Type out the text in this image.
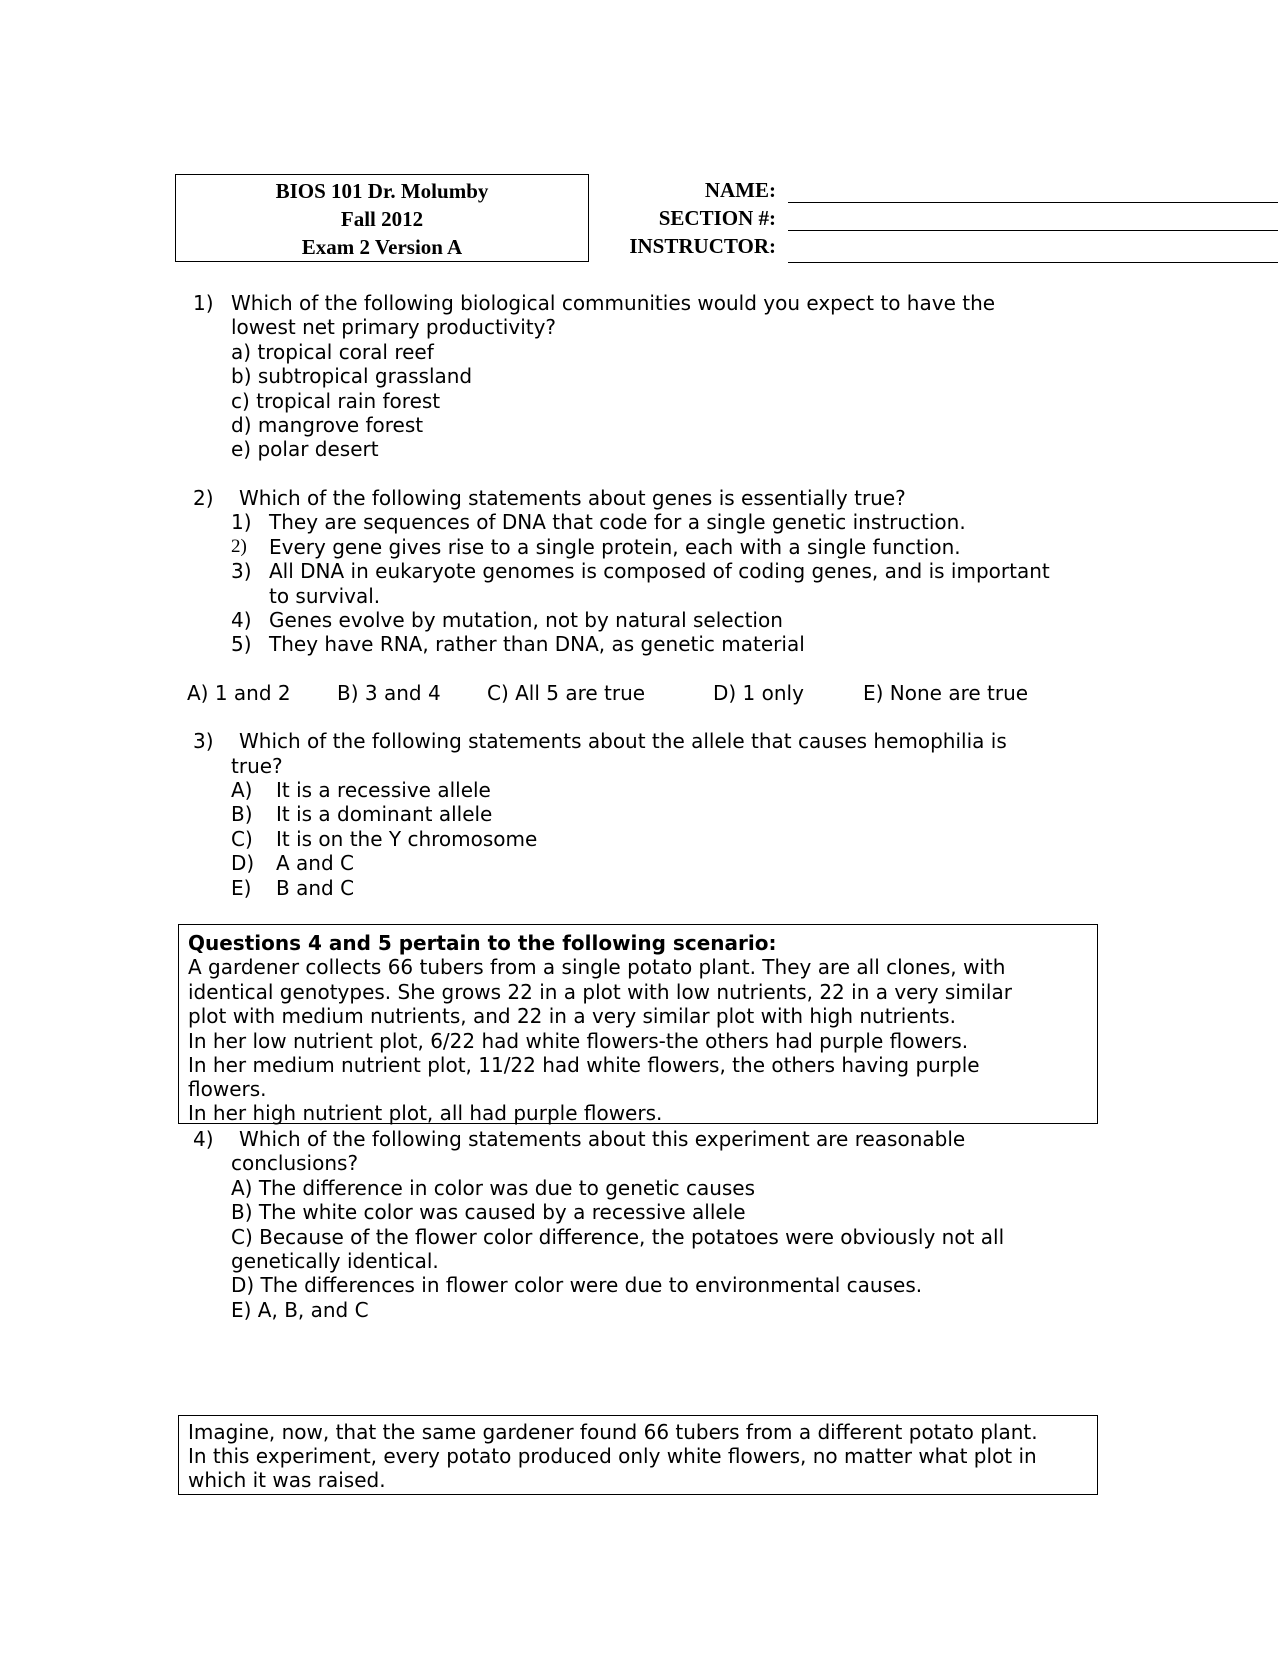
BIOS 101 Dr. Molumby
Fall 2012
Exam 2 Version A
NAME:
SECTION #:
INSTRUCTOR:
1) Which of the following biological communities would you expect to have the
lowest net primary productivity?
a) tropical coral reef
b) subtropical grassland
c) tropical rain forest
d) mangrove forest
e) polar desert
2) Which of the following statements about genes is essentially true?
1) They are sequences of DNA that code for a single genetic instruction.
2) Every gene gives rise to a single protein, each with a single function.
3) All DNA in eukaryote genomes is composed of coding genes, and is important
to survival.
4) Genes evolve by mutation, not by natural selection
5) They have RNA, rather than DNA, as genetic material
A) 1 and 2 B) 3 and 4 C) All 5 are true	D) 1 only	E) None are true
3) Which of the following statements about the allele that causes hemophilia is
true?
A) It is a recessive allele
B) It is a dominant allele
C) It is on the Y chromosome
D) A and C
E) B and C
Questions 4 and 5 pertain to the following scenario:
A gardener collects 66 tubers from a single potato plant. They are all clones, with
identical genotypes. She grows 22 in a plot with low nutrients, 22 in a very similar
plot with medium nutrients, and 22 in a very similar plot with high nutrients.
In her low nutrient plot, 6/22 had white flowers-the others had purple flowers.
In her medium nutrient plot, 11/22 had white flowers, the others having purple
flowers.
In her high nutrient plot, all had purple flowers.
4) Which of the following statements about this experiment are reasonable
conclusions?
A) The difference in color was due to genetic causes
B) The white color was caused by a recessive allele
C) Because of the flower color difference, the potatoes were obviously not all
genetically identical.
D) The differences in flower color were due to environmental causes.
E) A, B, and C
Imagine, now, that the same gardener found 66 tubers from a different potato plant.
In this experiment, every potato produced only white flowers, no matter what plot in
which it was raised.
